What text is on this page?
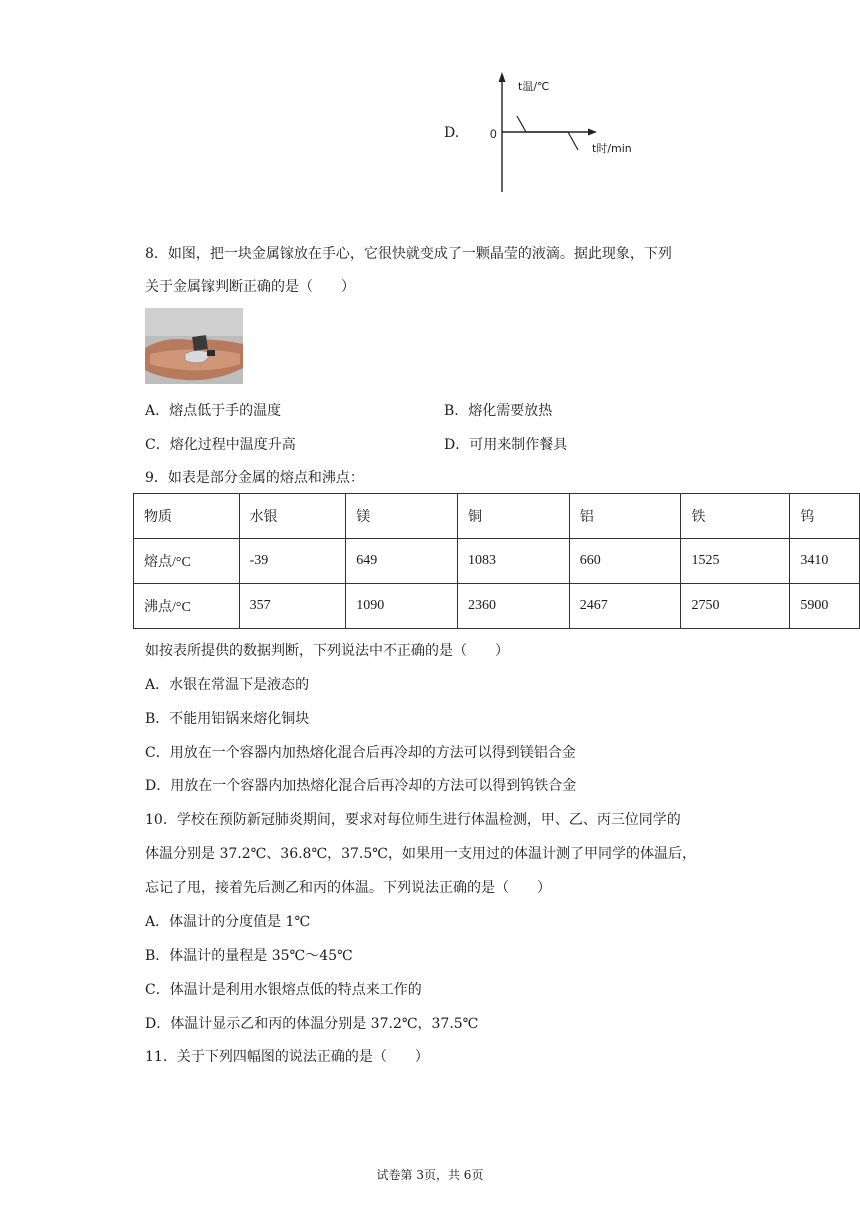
D.	0
t温/℃
t时/min
8．如图，把一块金属镓放在手心，它很快就变成了一颗晶莹的液滴。据此现象，下列
关于金属镓判断正确的是（　　）
A．熔点低于手的温度	B．熔化需要放热
C．熔化过程中温度升高	D．可用来制作餐具
9．如表是部分金属的熔点和沸点：
物质	水银	镁	铜	铝	铁	钨
熔点/°C	-39	649	1083	660	1525	3410
沸点/°C	357	1090	2360	2467	2750	5900
如按表所提供的数据判断，下列说法中不正确的是（　　）
A．水银在常温下是液态的
B．不能用铝锅来熔化铜块
C．用放在一个容器内加热熔化混合后再冷却的方法可以得到镁铝合金
D．用放在一个容器内加热熔化混合后再冷却的方法可以得到钨铁合金
10．学校在预防新冠肺炎期间，要求对每位师生进行体温检测，甲、乙、丙三位同学的
体温分别是 37.2℃、36.8℃，37.5℃，如果用一支用过的体温计测了甲同学的体温后，
忘记了甩，接着先后测乙和丙的体温。下列说法正确的是（　　）
A．体温计的分度值是 1℃
B．体温计的量程是 35℃～45℃
C．体温计是利用水银熔点低的特点来工作的
D．体温计显示乙和丙的体温分别是 37.2℃，37.5℃
11．关于下列四幅图的说法正确的是（　　）
试卷第 3页，共 6页
